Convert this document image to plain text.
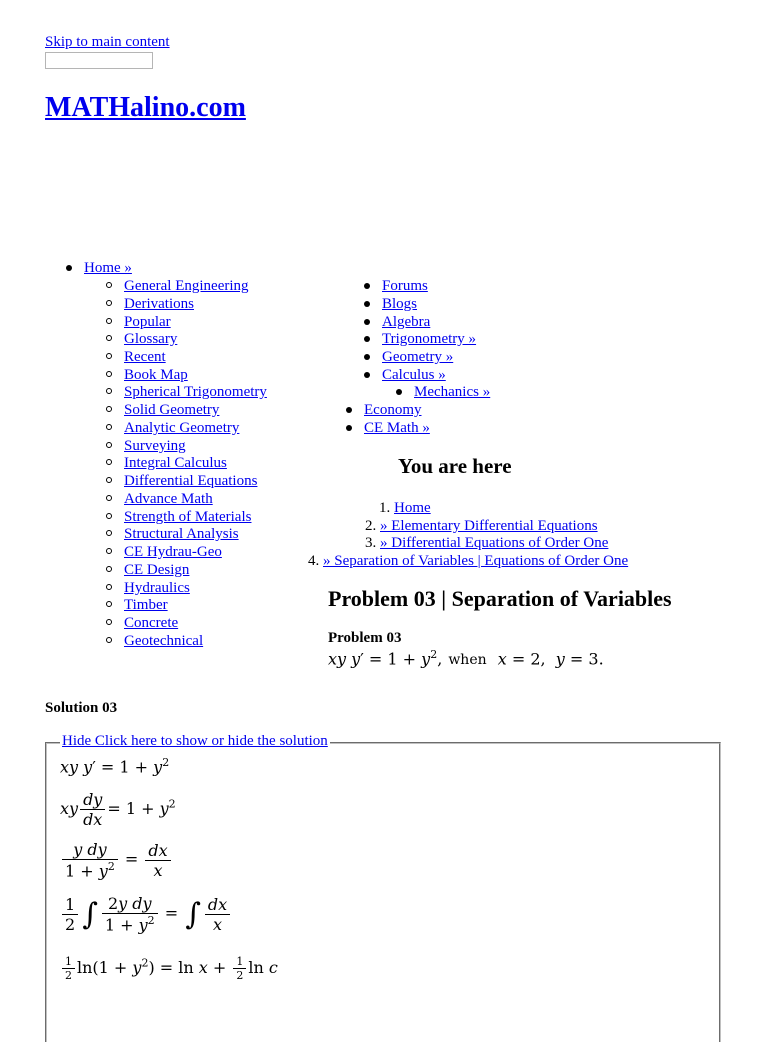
Skip to main content
MATHalino.com
Home »
General Engineering
Derivations
Popular
Glossary
Recent
Book Map
Spherical Trigonometry
Solid Geometry
Analytic Geometry
Surveying
Integral Calculus
Differential Equations
Advance Math
Strength of Materials
Structural Analysis
CE Hydrau-Geo
CE Design
Hydraulics
Timber
Concrete
Geotechnical
Forums
Blogs
Algebra
Trigonometry »
Geometry »
Calculus »
Mechanics »
Economy
CE Math »
You are here
1. Home
2. » Elementary Differential Equations
3. » Differential Equations of Order One
4. » Separation of Variables | Equations of Order One
Problem 03 | Separation of Variables
Problem 03
xy $y' = 1 + y^2$, when x = 2,  y = 3.
Solution 03
Hide Click here to show or hide the solution
xy $y' = 1 + y^2$
xy $\frac{dy}{dx} = 1 + y^2$
$\frac{\text{y dy}}{1 + y^2} = \frac{dx}{x}$
$\frac{1}{2}$ ∫ $\frac{\text{2y dy}}{1 + y^2}$ = ∫ $\frac{dx}{x}$
$\frac{1}{2} \ln(1 + y^2) = \ln x + \frac{1}{2}$ ln c
